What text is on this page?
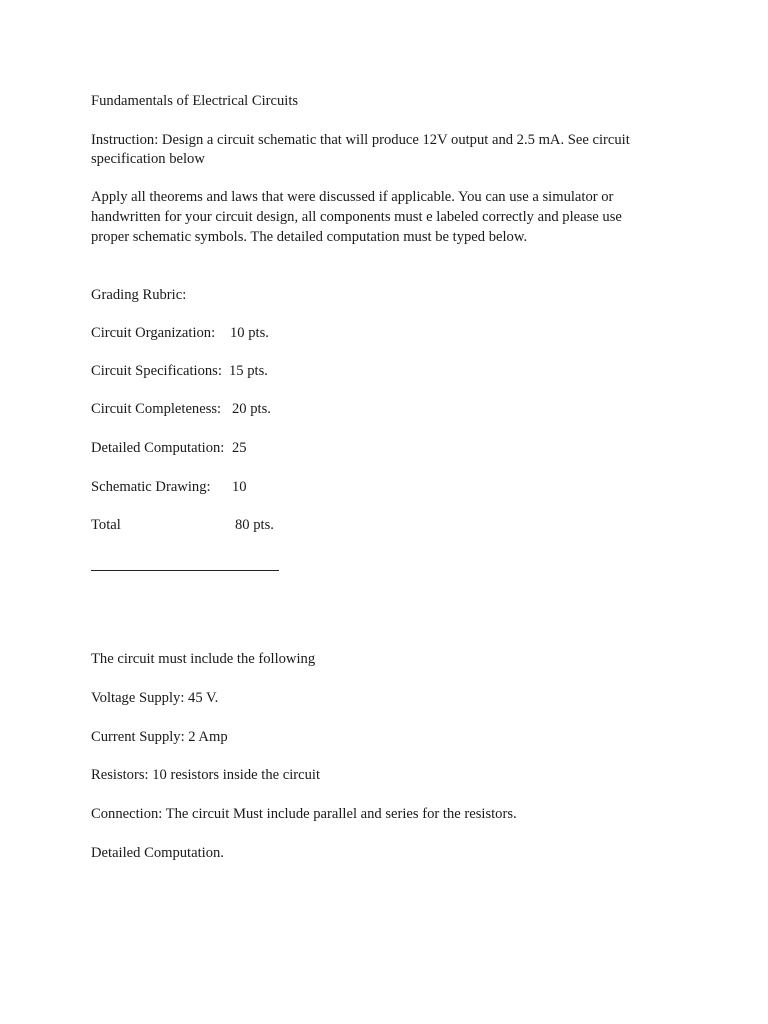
Fundamentals of Electrical Circuits
Instruction: Design a circuit schematic that will produce 12V output and 2.5 mA. See circuit
specification below
Apply all theorems and laws that were discussed if applicable. You can use a simulator or
handwritten for your circuit design, all components must e labeled correctly and please use
proper schematic symbols. The detailed computation must be typed below.
Grading Rubric:
Circuit Organization: 10 pts.
Circuit Specifications: 15 pts.
Circuit Completeness: 20 pts.
Detailed Computation: 25
Schematic Drawing: 10
Total	80 pts.
The circuit must include the following
Voltage Supply: 45 V.
Current Supply: 2 Amp
Resistors: 10 resistors inside the circuit
Connection: The circuit Must include parallel and series for the resistors.
Detailed Computation.
